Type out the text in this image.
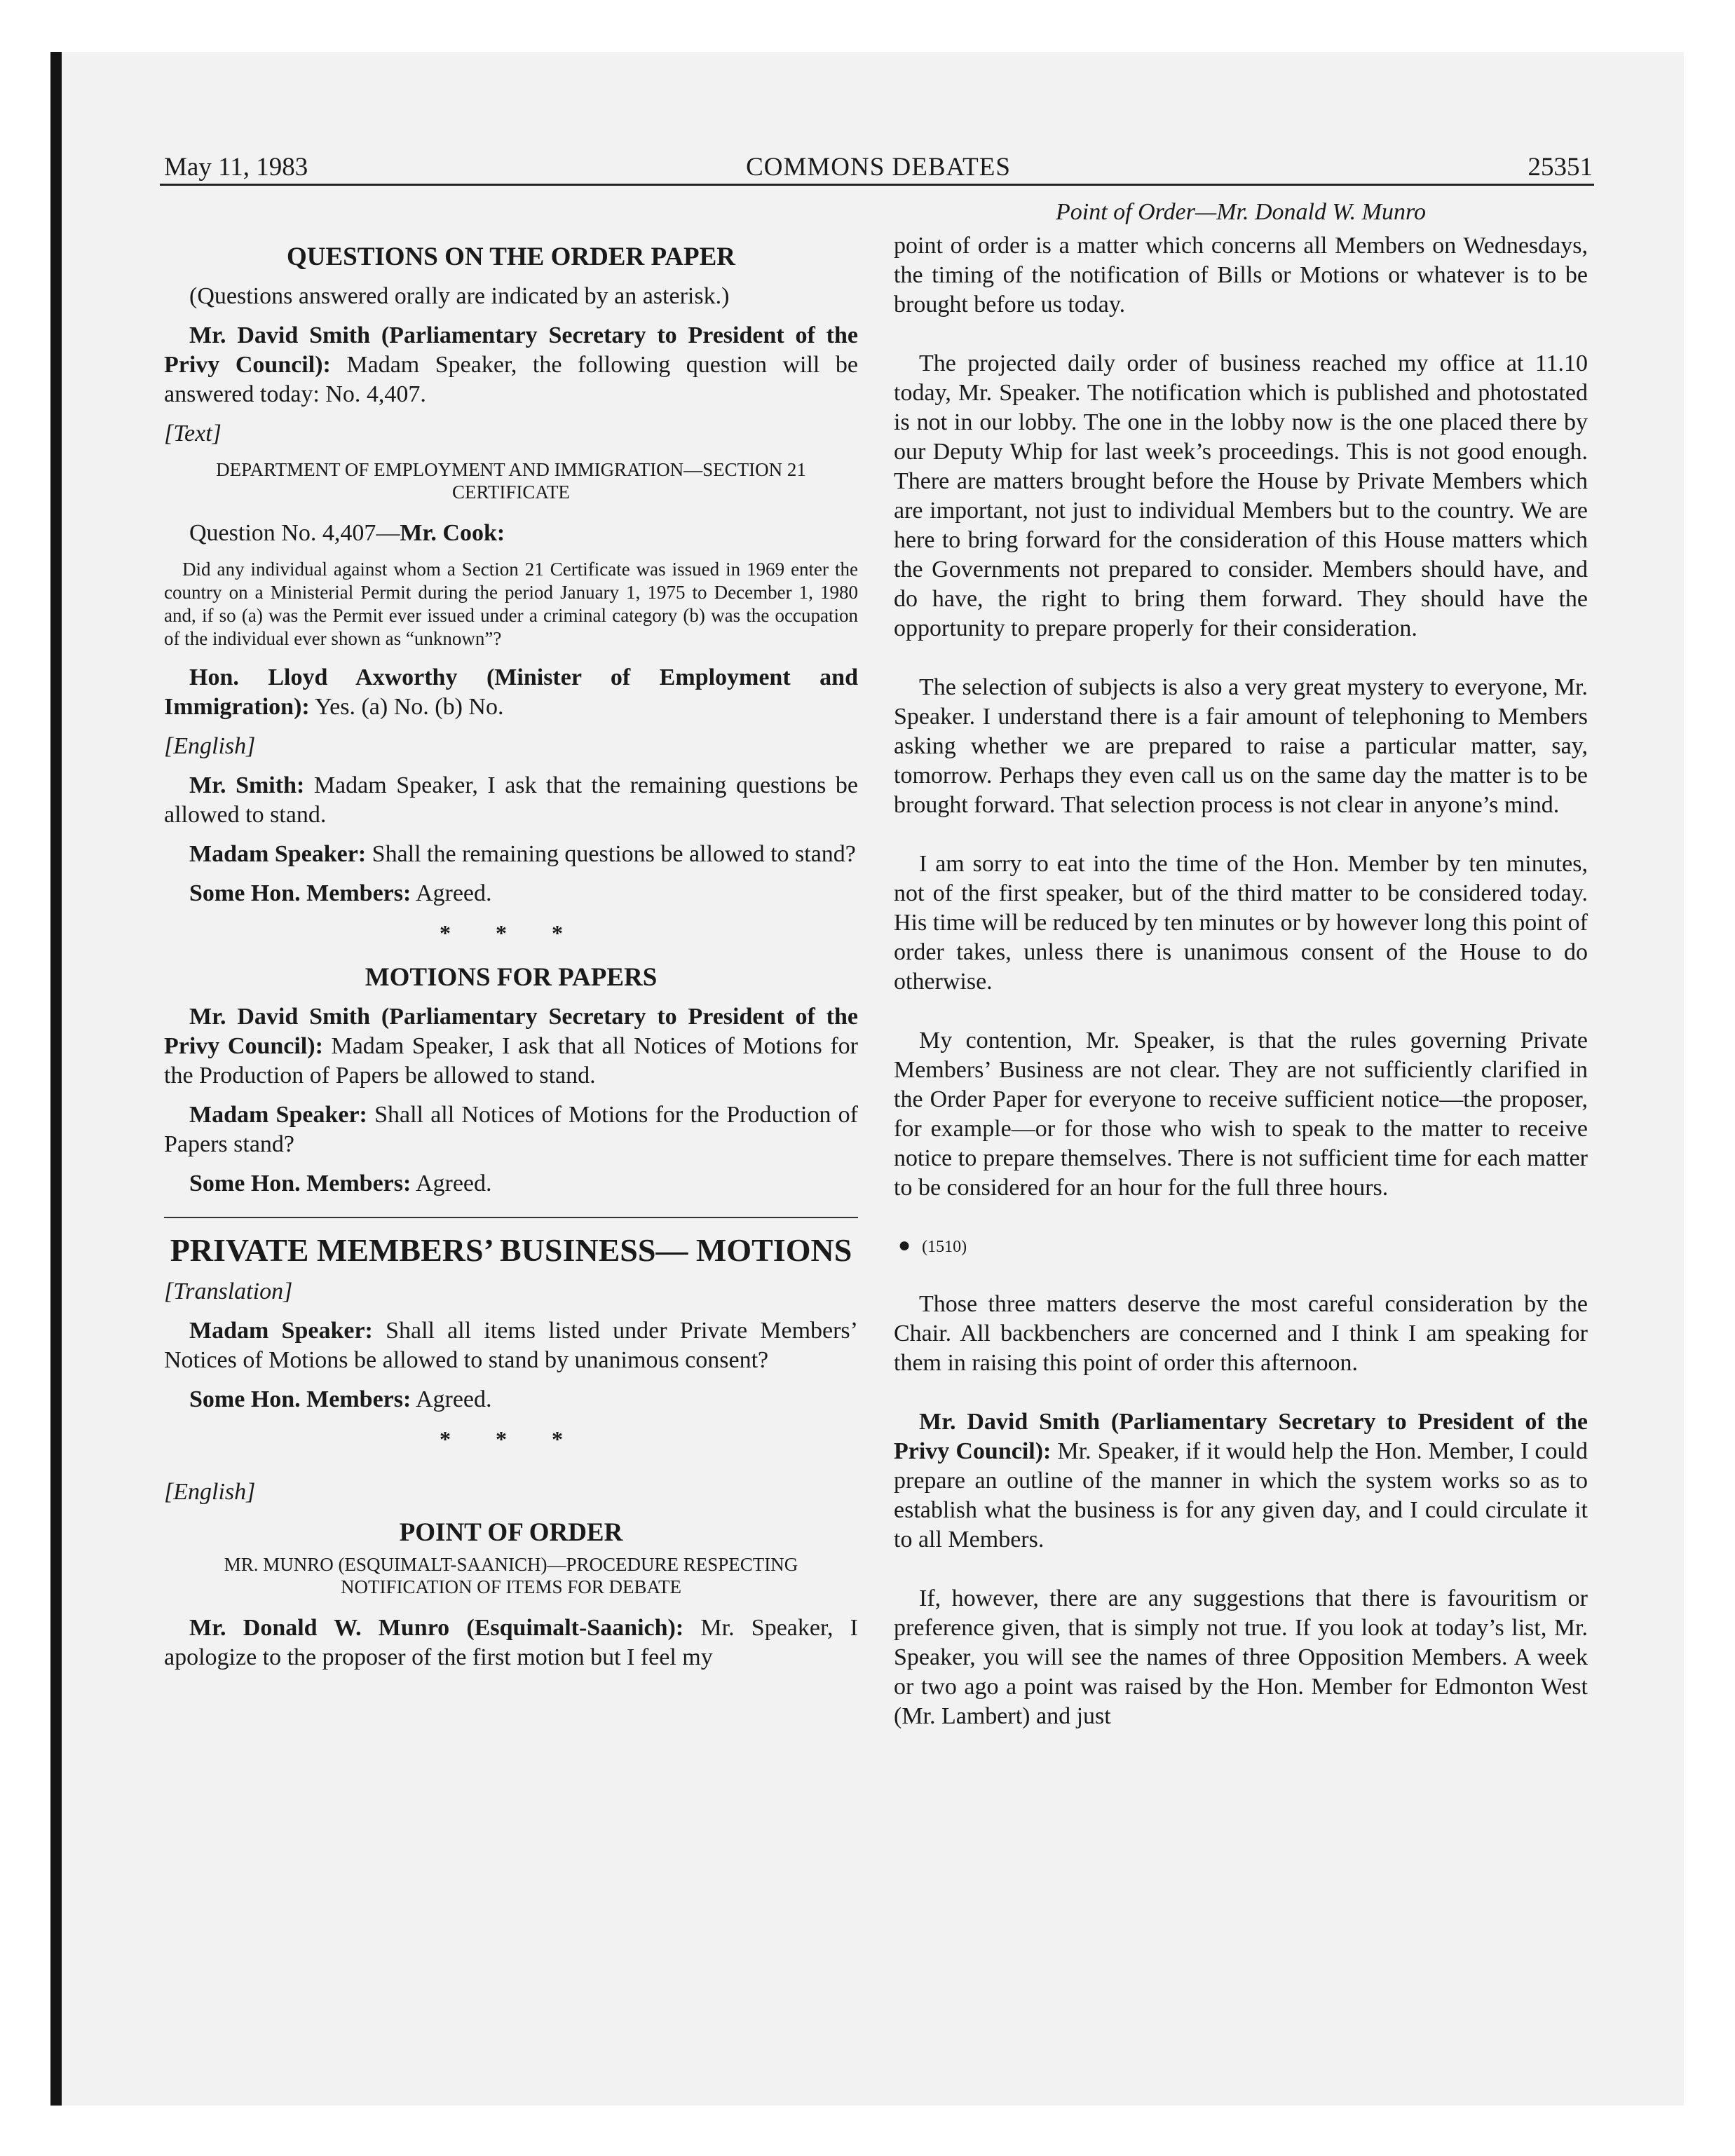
May 11, 1983	COMMONS DEBATES	25351
QUESTIONS ON THE ORDER PAPER

(Questions answered orally are indicated by an asterisk.)

Mr. David Smith (Parliamentary Secretary to President of the Privy Council): Madam Speaker, the following question will be answered today: No. 4,407.

[Text]
DEPARTMENT OF EMPLOYMENT AND IMMIGRATION—SECTION 21 CERTIFICATE

Question No. 4,407—Mr. Cook:

Did any individual against whom a Section 21 Certificate was issued in 1969 enter the country on a Ministerial Permit during the period January 1, 1975 to December 1, 1980 and, if so (a) was the Permit ever issued under a criminal category (b) was the occupation of the individual ever shown as “unknown”?

Hon. Lloyd Axworthy (Minister of Employment and Immigration): Yes. (a) No. (b) No.

[English]

Mr. Smith: Madam Speaker, I ask that the remaining questions be allowed to stand.

Madam Speaker: Shall the remaining questions be allowed to stand?

Some Hon. Members: Agreed.

* * *
MOTIONS FOR PAPERS

Mr. David Smith (Parliamentary Secretary to President of the Privy Council): Madam Speaker, I ask that all Notices of Motions for the Production of Papers be allowed to stand.

Madam Speaker: Shall all Notices of Motions for the Production of Papers stand?

Some Hon. Members: Agreed.

PRIVATE MEMBERS’ BUSINESS— MOTIONS
[Translation]

Madam Speaker: Shall all items listed under Private Members’ Notices of Motions be allowed to stand by unanimous consent?

Some Hon. Members: Agreed.

* * *
[English]
POINT OF ORDER
MR. MUNRO (ESQUIMALT-SAANICH)—PROCEDURE RESPECTING NOTIFICATION OF ITEMS FOR DEBATE

Mr. Donald W. Munro (Esquimalt-Saanich): Mr. Speaker, I apologize to the proposer of the first motion but I feel my

Point of Order—Mr. Donald W. Munro

point of order is a matter which concerns all Members on Wednesdays, the timing of the notification of Bills or Motions or whatever is to be brought before us today.

The projected daily order of business reached my office at 11.10 today, Mr. Speaker. The notification which is published and photostated is not in our lobby. The one in the lobby now is the one placed there by our Deputy Whip for last week’s proceedings. This is not good enough. There are matters brought before the House by Private Members which are important, not just to individual Members but to the country. We are here to bring forward for the consideration of this House matters which the Governments not prepared to consider. Members should have, and do have, the right to bring them forward. They should have the opportunity to prepare properly for their consideration.

The selection of subjects is also a very great mystery to everyone, Mr. Speaker. I understand there is a fair amount of telephoning to Members asking whether we are prepared to raise a particular matter, say, tomorrow. Perhaps they even call us on the same day the matter is to be brought forward. That selection process is not clear in anyone’s mind.

I am sorry to eat into the time of the Hon. Member by ten minutes, not of the first speaker, but of the third matter to be considered today. His time will be reduced by ten minutes or by however long this point of order takes, unless there is unanimous consent of the House to do otherwise.

My contention, Mr. Speaker, is that the rules governing Private Members’ Business are not clear. They are not sufficiently clarified in the Order Paper for everyone to receive sufficient notice—the proposer, for example—or for those who wish to speak to the matter to receive notice to prepare themselves. There is not sufficient time for each matter to be considered for an hour for the full three hours.

● (1510)

Those three matters deserve the most careful consideration by the Chair. All backbenchers are concerned and I think I am speaking for them in raising this point of order this afternoon.

Mr. David Smith (Parliamentary Secretary to President of the Privy Council): Mr. Speaker, if it would help the Hon. Member, I could prepare an outline of the manner in which the system works so as to establish what the business is for any given day, and I could circulate it to all Members.

If, however, there are any suggestions that there is favouritism or preference given, that is simply not true. If you look at today’s list, Mr. Speaker, you will see the names of three Opposition Members. A week or two ago a point was raised by the Hon. Member for Edmonton West (Mr. Lambert) and just
